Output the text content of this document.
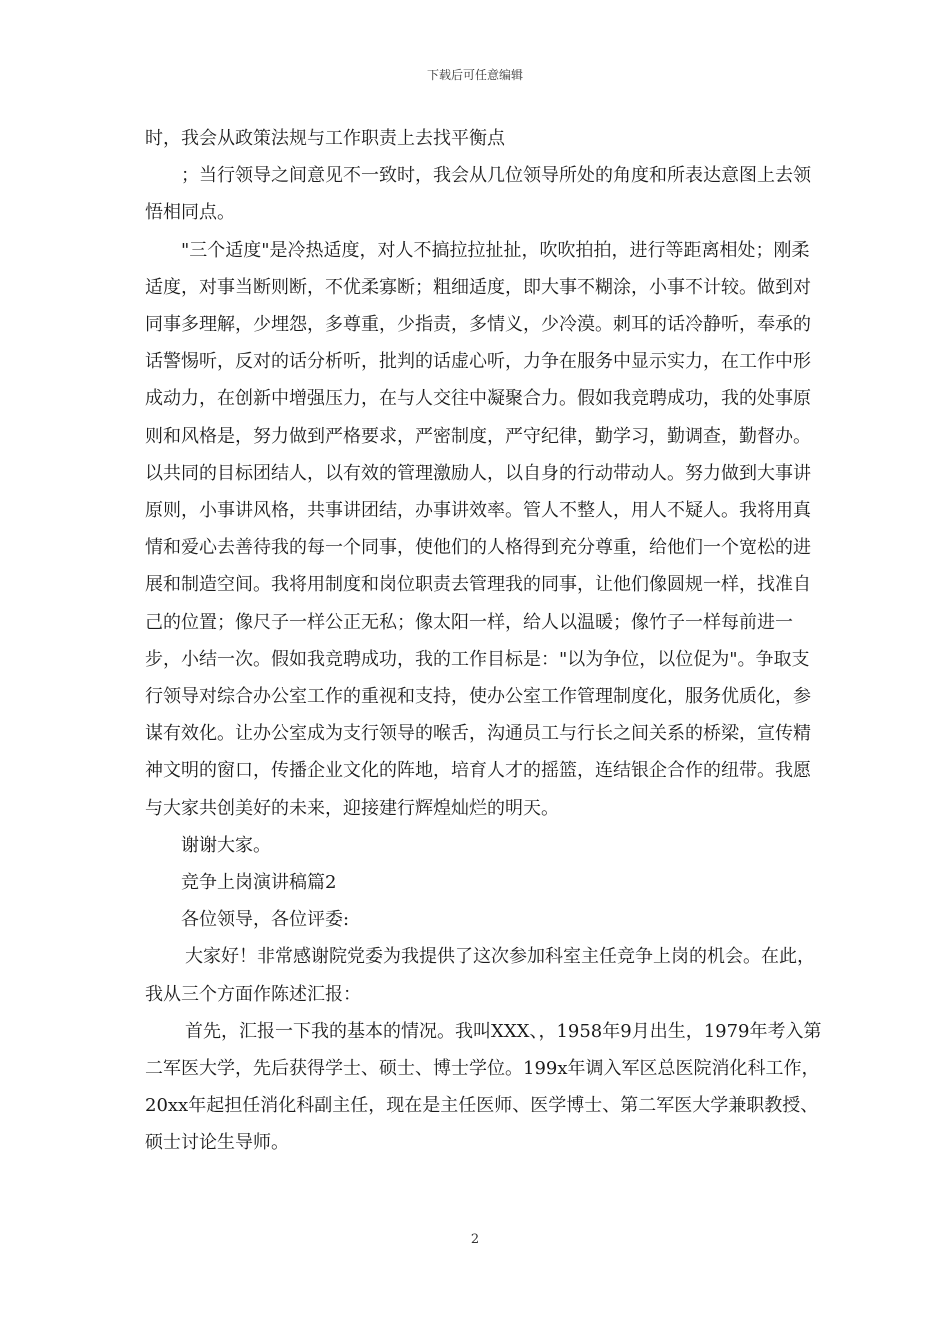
下载后可任意编辑

时，我会从政策法规与工作职责上去找平衡点

；当行领导之间意见不一致时，我会从几位领导所处的角度和所表达意图上去领悟相同点。

"三个适度"是冷热适度，对人不搞拉拉扯扯，吹吹拍拍，进行等距离相处；刚柔适度，对事当断则断，不优柔寡断；粗细适度，即大事不糊涂，小事不计较。做到对同事多理解，少埋怨，多尊重，少指责，多情义，少冷漠。刺耳的话冷静听，奉承的话警惕听，反对的话分析听，批判的话虚心听，力争在服务中显示实力，在工作中形成动力，在创新中增强压力，在与人交往中凝聚合力。假如我竞聘成功，我的处事原则和风格是，努力做到严格要求，严密制度，严守纪律，勤学习，勤调查，勤督办。以共同的目标团结人，以有效的管理激励人，以自身的行动带动人。努力做到大事讲原则，小事讲风格，共事讲团结，办事讲效率。管人不整人，用人不疑人。我将用真情和爱心去善待我的每一个同事，使他们的人格得到充分尊重，给他们一个宽松的进展和制造空间。我将用制度和岗位职责去管理我的同事，让他们像圆规一样，找准自己的位置；像尺子一样公正无私；像太阳一样，给人以温暖；像竹子一样每前进一步，小结一次。假如我竞聘成功，我的工作目标是："以为争位，以位促为"。争取支行领导对综合办公室工作的重视和支持，使办公室工作管理制度化，服务优质化，参谋有效化。让办公室成为支行领导的喉舌，沟通员工与行长之间关系的桥梁，宣传精神文明的窗口，传播企业文化的阵地，培育人才的摇篮，连结银企合作的纽带。我愿与大家共创美好的未来，迎接建行辉煌灿烂的明天。

谢谢大家。

竞争上岗演讲稿篇2

各位领导，各位评委:

大家好！非常感谢院党委为我提供了这次参加科室主任竞争上岗的机会。在此，我从三个方面作陈述汇报：

首先，汇报一下我的基本的情况。我叫XXX、，1958年9月出生，1979年考入第二军医大学，先后获得学士、硕士、博士学位。199x年调入军区总医院消化科工作，20xx年起担任消化科副主任，现在是主任医师、医学博士、第二军医大学兼职教授、硕士讨论生导师。

2
